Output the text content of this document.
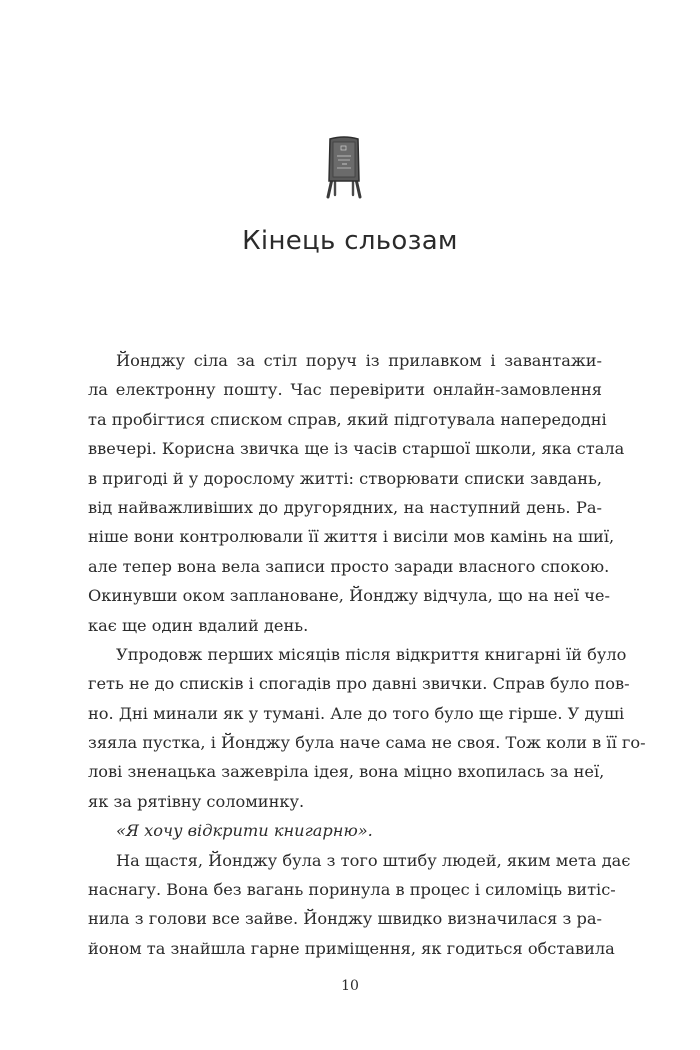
Кінець сльозам
Йонджу сіла за стіл поруч із прилавком і завантажи-
ла електронну пошту. Час перевірити онлайн-замовлення
та пробігтися списком справ, який підготувала напередодні
ввечері. Корисна звичка ще із часів старшої школи, яка стала
в пригоді й у дорослому житті: створювати списки завдань,
від найважливіших до другорядних, на наступний день. Ра-
ніше вони контролювали її життя і висіли мов камінь на шиї,
але тепер вона вела записи просто заради власного спокою.
Окинувши оком заплановане, Йонджу відчула, що на неї че-
кає ще один вдалий день.
Упродовж перших місяців після відкриття книгарні їй було
геть не до списків і спогадів про давні звички. Справ було пов-
но. Дні минали як у тумані. Але до того було ще гірше. У душі
зяяла пустка, і Йонджу була наче сама не своя. Тож коли в її го-
лові зненацька зажевріла ідея, вона міцно вхопилась за неї,
як за рятівну соломинку.
«Я хочу відкрити книгарню».
На щастя, Йонджу була з того штибу людей, яким мета дає
наснагу. Вона без вагань поринула в процес і силоміць витіс-
нила з голови все зайве. Йонджу швидко визначилася з ра-
йоном та знайшла гарне приміщення, як годиться обставила
10
